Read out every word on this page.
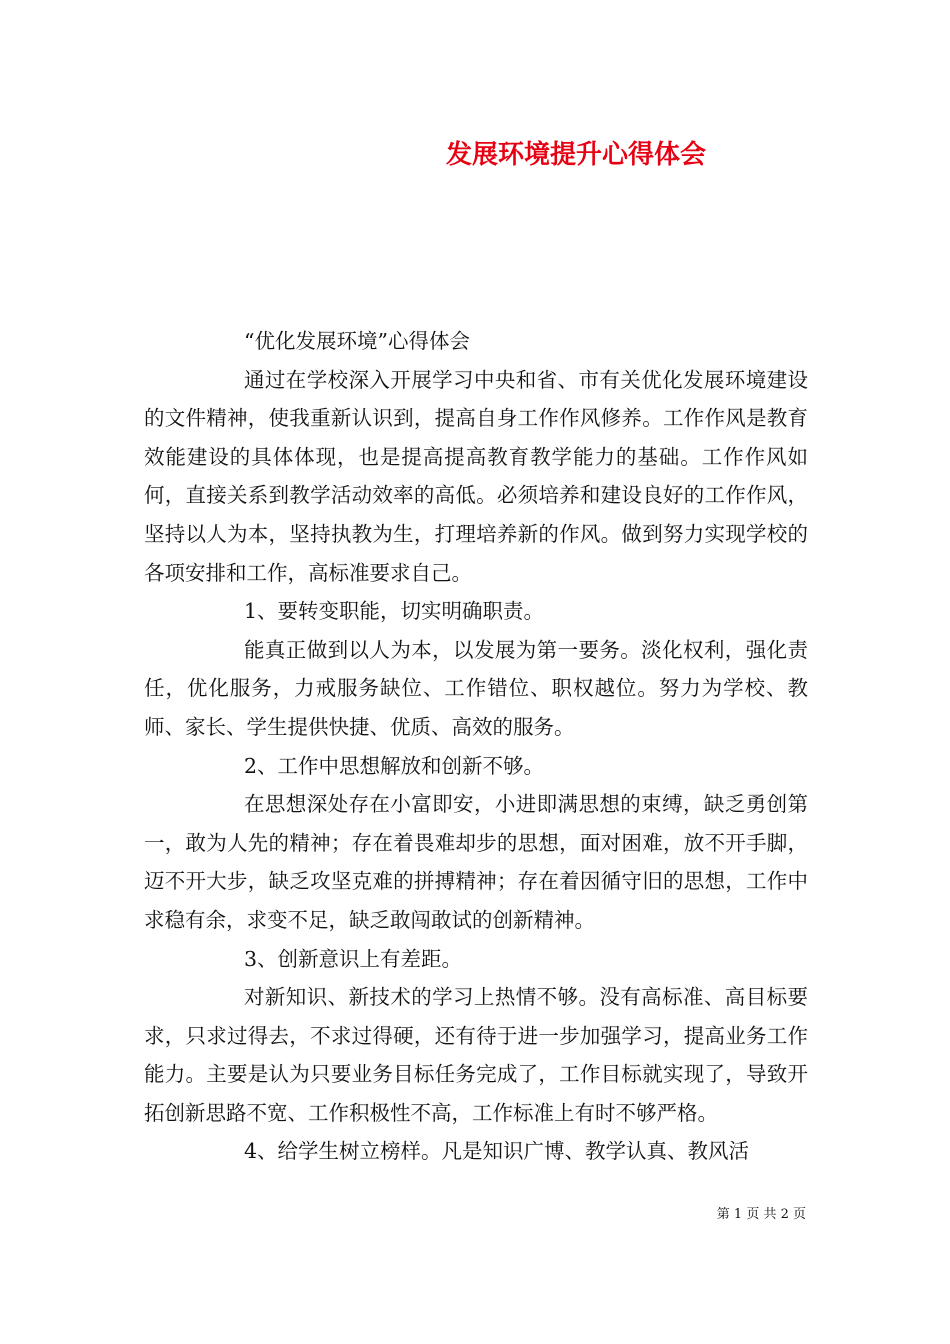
发展环境提升心得体会

“优化发展环境”心得体会

通过在学校深入开展学习中央和省、市有关优化发展环境建设的文件精神，使我重新认识到，提高自身工作作风修养。工作作风是教育效能建设的具体体现，也是提高提高教育教学能力的基础。工作作风如何，直接关系到教学活动效率的高低。必须培养和建设良好的工作作风，坚持以人为本，坚持执教为生，打理培养新的作风。做到努力实现学校的各项安排和工作，高标准要求自己。

1、要转变职能，切实明确职责。

能真正做到以人为本，以发展为第一要务。淡化权利，强化责任，优化服务，力戒服务缺位、工作错位、职权越位。努力为学校、教师、家长、学生提供快捷、优质、高效的服务。

2、工作中思想解放和创新不够。

在思想深处存在小富即安，小进即满思想的束缚，缺乏勇创第一，敢为人先的精神；存在着畏难却步的思想，面对困难，放不开手脚，迈不开大步，缺乏攻坚克难的拼搏精神；存在着因循守旧的思想，工作中求稳有余，求变不足，缺乏敢闯敢试的创新精神。

3、创新意识上有差距。

对新知识、新技术的学习上热情不够。没有高标准、高目标要求，只求过得去，不求过得硬，还有待于进一步加强学习，提高业务工作能力。主要是认为只要业务目标任务完成了，工作目标就实现了，导致开拓创新思路不宽、工作积极性不高，工作标准上有时不够严格。

4、给学生树立榜样。凡是知识广博、教学认真、教风活

第 1 页 共 2 页
